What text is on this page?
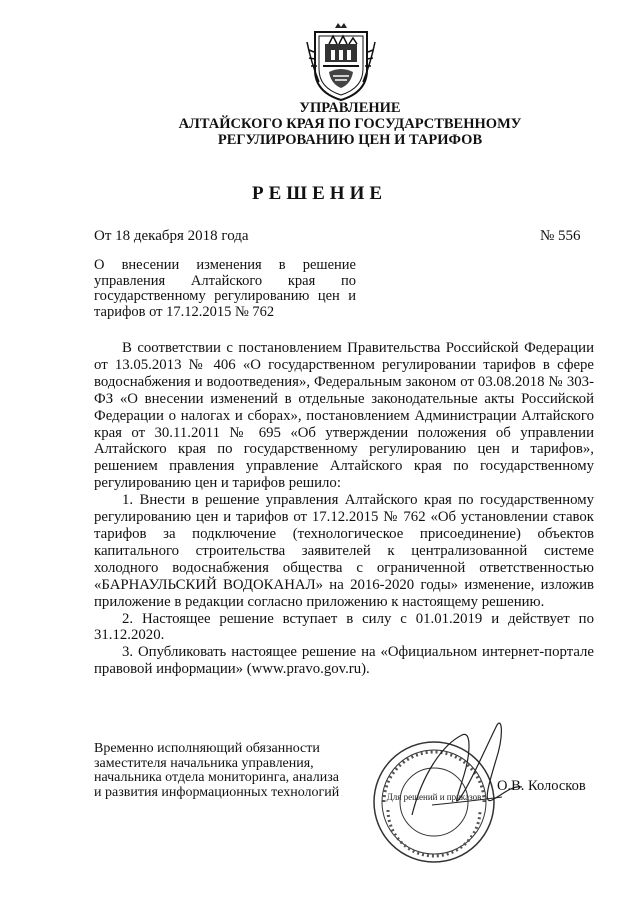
УПРАВЛЕНИЕ
АЛТАЙСКОГО КРАЯ ПО ГОСУДАРСТВЕННОМУ
РЕГУЛИРОВАНИЮ ЦЕН И ТАРИФОВ
РЕШЕНИЕ
От 18 декабря 2018 года	№ 556
О внесении изменения в решение управления Алтайского края по государственному регулированию цен и тарифов от 17.12.2015 № 762

В соответствии с постановлением Правительства Российской Федерации от 13.05.2013 № 406 «О государственном регулировании тарифов в сфере водоснабжения и водоотведения», Федеральным законом от 03.08.2018 № 303-ФЗ «О внесении изменений в отдельные законодательные акты Российской Федерации о налогах и сборах», постановлением Администрации Алтайского края от 30.11.2011 № 695 «Об утверждении положения об управлении Алтайского края по государственному регулированию цен и тарифов», решением правления управление Алтайского края по государственному регулированию цен и тарифов решило:

1. Внести в решение управления Алтайского края по государственному регулированию цен и тарифов от 17.12.2015 № 762 «Об установлении ставок тарифов за подключение (технологическое присоединение) объектов капитального строительства заявителей к централизованной системе холодного водоснабжения общества с ограниченной ответственностью «БАРНАУЛЬСКИЙ ВОДОКАНАЛ» на 2016-2020 годы» изменение, изложив приложение в редакции согласно приложению к настоящему решению.

2. Настоящее решение вступает в силу с 01.01.2019 и действует по 31.12.2020.

3. Опубликовать настоящее решение на «Официальном интернет-портале правовой информации» (www.pravo.gov.ru).

Временно исполняющий обязанности
заместителя начальника управления,
начальника отдела мониторинга, анализа
и развития информационных технологий	Для решений и приказов
О.В. Колосков
